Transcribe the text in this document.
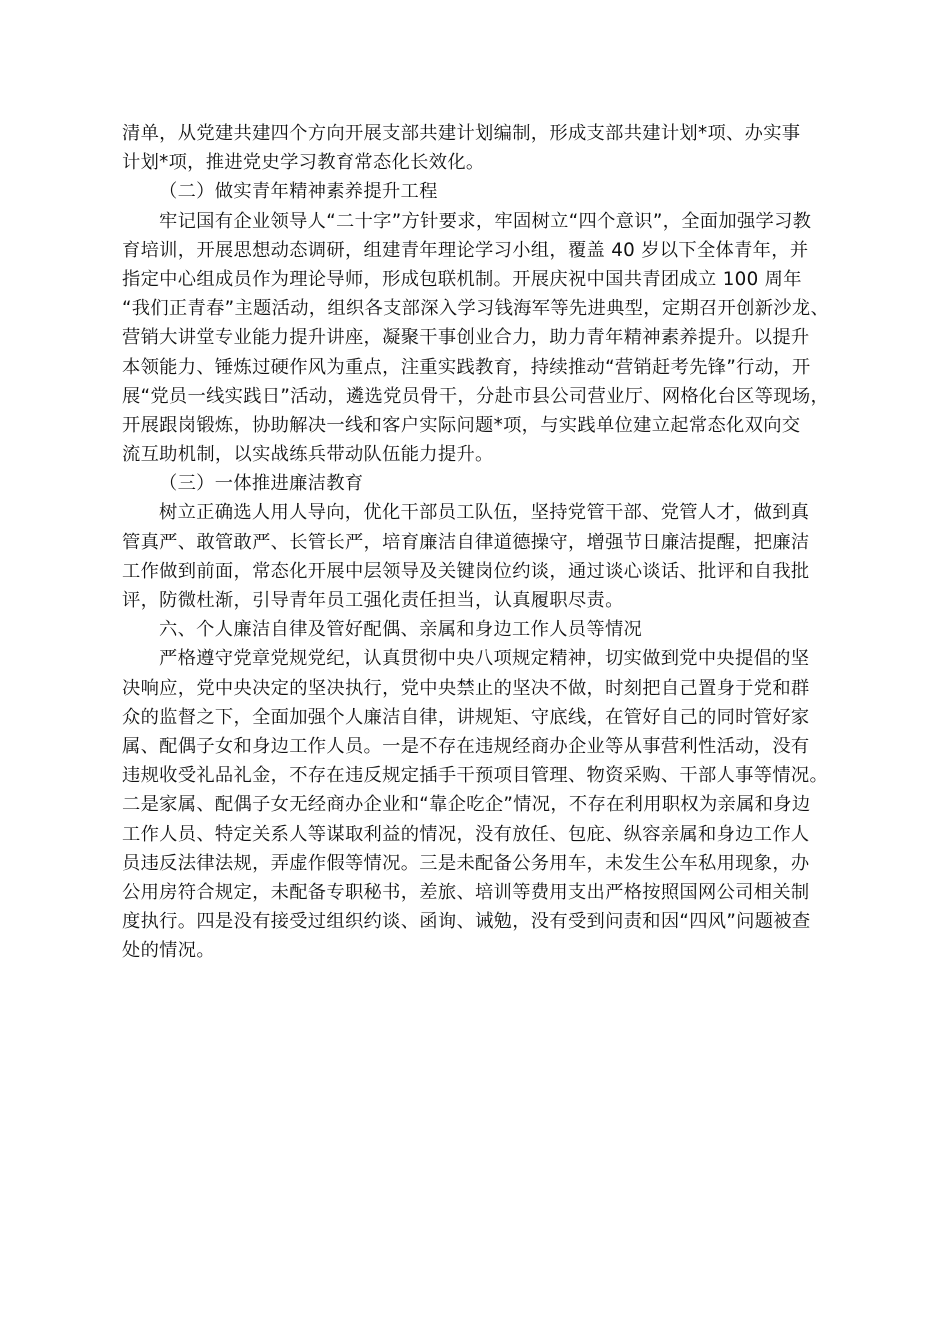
清单，从党建共建四个方向开展支部共建计划编制，形成支部共建计划*项、办实事
计划*项，推进党史学习教育常态化长效化。
（二）做实青年精神素养提升工程
牢记国有企业领导人“二十字”方针要求，牢固树立“四个意识”，全面加强学习教
育培训，开展思想动态调研，组建青年理论学习小组，覆盖 40 岁以下全体青年，并
指定中心组成员作为理论导师，形成包联机制。开展庆祝中国共青团成立 100 周年
“我们正青春”主题活动，组织各支部深入学习钱海军等先进典型，定期召开创新沙龙、
营销大讲堂专业能力提升讲座，凝聚干事创业合力，助力青年精神素养提升。以提升
本领能力、锤炼过硬作风为重点，注重实践教育，持续推动“营销赶考先锋”行动，开
展“党员一线实践日”活动，遴选党员骨干，分赴市县公司营业厅、网格化台区等现场，
开展跟岗锻炼，协助解决一线和客户实际问题*项，与实践单位建立起常态化双向交
流互助机制，以实战练兵带动队伍能力提升。
（三）一体推进廉洁教育
树立正确选人用人导向，优化干部员工队伍，坚持党管干部、党管人才，做到真
管真严、敢管敢严、长管长严，培育廉洁自律道德操守，增强节日廉洁提醒，把廉洁
工作做到前面，常态化开展中层领导及关键岗位约谈，通过谈心谈话、批评和自我批
评，防微杜渐，引导青年员工强化责任担当，认真履职尽责。
六、个人廉洁自律及管好配偶、亲属和身边工作人员等情况
严格遵守党章党规党纪，认真贯彻中央八项规定精神，切实做到党中央提倡的坚
决响应，党中央决定的坚决执行，党中央禁止的坚决不做，时刻把自己置身于党和群
众的监督之下，全面加强个人廉洁自律，讲规矩、守底线，在管好自己的同时管好家
属、配偶子女和身边工作人员。一是不存在违规经商办企业等从事营利性活动，没有
违规收受礼品礼金，不存在违反规定插手干预项目管理、物资采购、干部人事等情况。
二是家属、配偶子女无经商办企业和“靠企吃企”情况，不存在利用职权为亲属和身边
工作人员、特定关系人等谋取利益的情况，没有放任、包庇、纵容亲属和身边工作人
员违反法律法规，弄虚作假等情况。三是未配备公务用车，未发生公车私用现象，办
公用房符合规定，未配备专职秘书，差旅、培训等费用支出严格按照国网公司相关制
度执行。四是没有接受过组织约谈、函询、诫勉，没有受到问责和因“四风”问题被查
处的情况。
